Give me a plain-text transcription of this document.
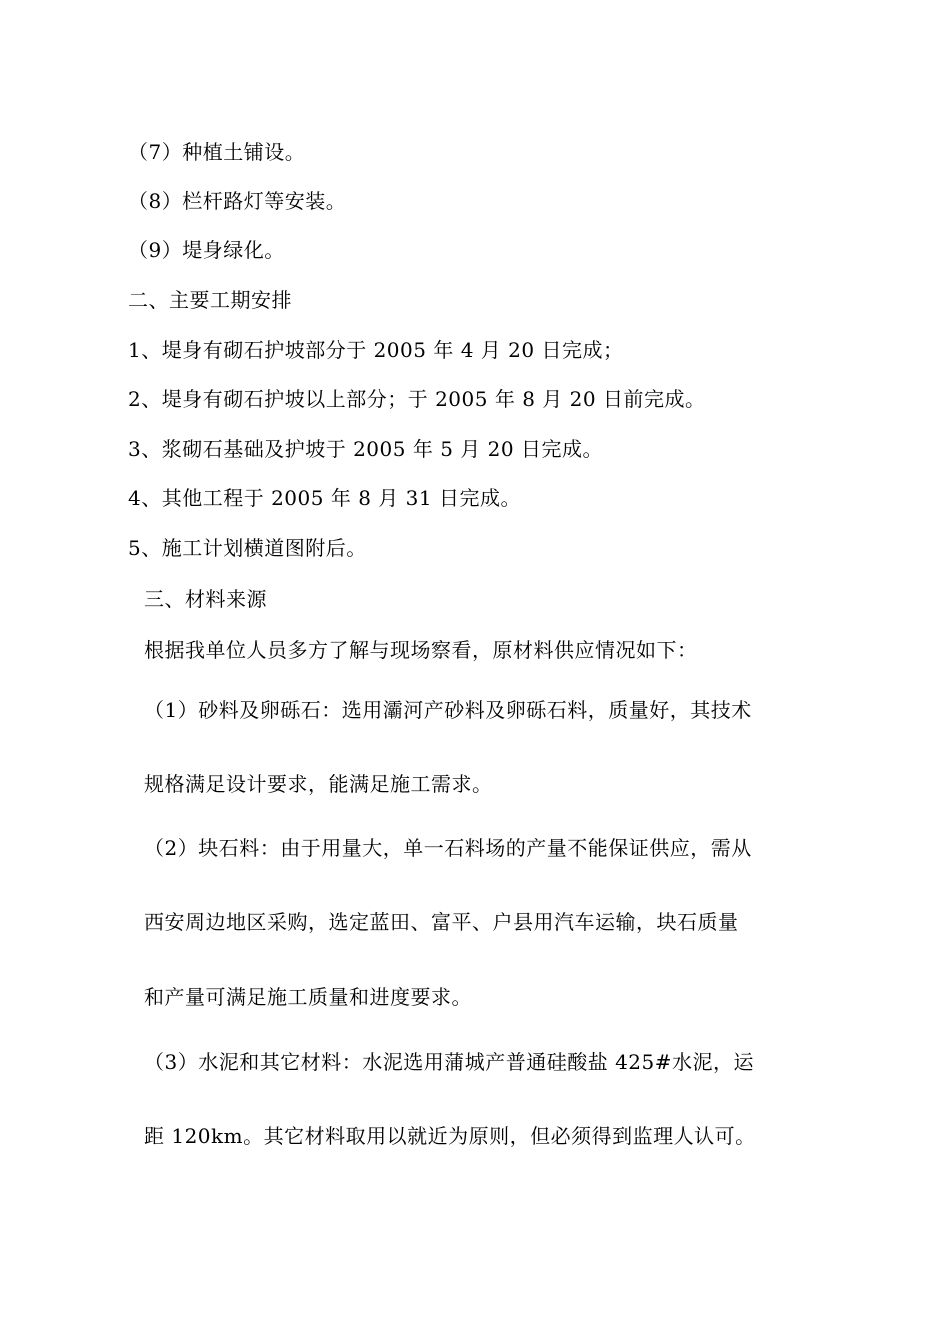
（7）种植土铺设。
（8）栏杆路灯等安装。
（9）堤身绿化。
二、主要工期安排
1、堤身有砌石护坡部分于 2005 年 4 月 20 日完成；
2、堤身有砌石护坡以上部分；于 2005 年 8 月 20 日前完成。
3、浆砌石基础及护坡于 2005 年 5 月 20 日完成。
4、其他工程于 2005 年 8 月 31 日完成。
5、施工计划横道图附后。
三、材料来源
根据我单位人员多方了解与现场察看，原材料供应情况如下：
（1）砂料及卵砾石：选用灞河产砂料及卵砾石料，质量好，其技术
规格满足设计要求，能满足施工需求。
（2）块石料：由于用量大，单一石料场的产量不能保证供应，需从
西安周边地区采购，选定蓝田、富平、户县用汽车运输，块石质量
和产量可满足施工质量和进度要求。
（3）水泥和其它材料：水泥选用蒲城产普通硅酸盐 425#水泥，运
距 120km。其它材料取用以就近为原则，但必须得到监理人认可。
